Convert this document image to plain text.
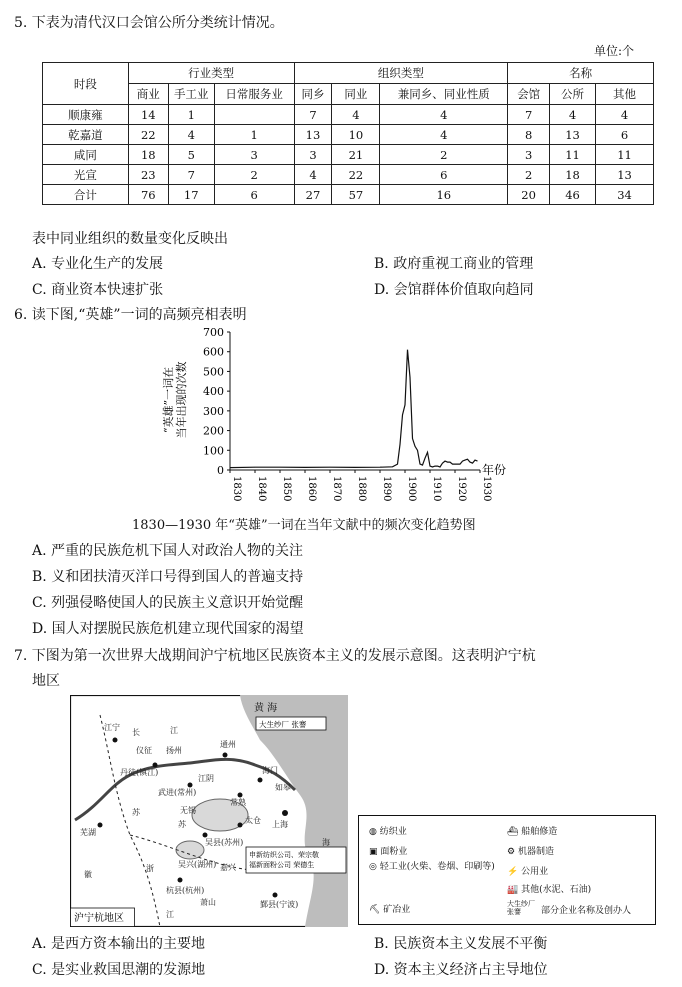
5. 下表为清代汉口会馆公所分类统计情况。
单位:个
时段	行业类型			组织类型			名称		
	商业	手工业	日常服务业	同乡	同业	兼同乡、同业性质	会馆	公所	其他
顺康雍	14	1		7	4	4	7	4	4
乾嘉道	22	4	1	13	10	4	8	13	6
咸同	18	5	3	3	21	2	3	11	11
光宣	23	7	2	4	22	6	2	18	13
合计	76	17	6	27	57	16	20	46	34
表中同业组织的数量变化反映出
A. 专业化生产的发展	B. 政府重视工商业的管理
C. 商业资本快速扩张	D. 会馆群体价值取向趋同
6. 读下图,“英雄”一词的高频亮相表明
0
100
200
300
400
500
600
700
1830 1840 1850 1860 1870 1880 1890 1900 1910 1920 1930
“英雄”一词在当年出现的次数
年份
1830—1930 年“英雄”一词在当年文献中的频次变化趋势图
A. 严重的民族危机下国人对政治人物的关注
B. 义和团扶清灭洋口号得到国人的普遍支持
C. 列强侵略使国人的民族主义意识开始觉醒
D. 国人对摆脱民族危机建立现代国家的渴望
7. 下图为第一次世界大战期间沪宁杭地区民族资本主义的发展示意图。这表明沪宁杭
地区
江宁
长	江
扬州
仪征
丹徒(镇江)
通州
海门
如皋
武进(常州)
江阴
无锡
常熟
太仓
吴县(苏州)
上海
吴兴(湖州)
芜湖
嘉兴
杭县(杭州)
萧山	鄞县(宁波)
苏
徽
浙
江
苏
海
黄 海
大生纱厂 张謇
申新纺织公司、荣宗敬福新面粉公司 荣德生
沪宁杭地区
◍ 纺织业	⛴ 船舶修造
▣ 面粉业	⚙ 机器制造
◎ 轻工业(火柴、卷烟、印刷等) ⚡ 公用业
⛏ 矿冶业
🏭 其他(水泥、石油)
大生纱厂 张謇	部分企业名称及创办人
A. 是西方资本输出的主要地	B. 民族资本主义发展不平衡
C. 是实业救国思潮的发源地	D. 资本主义经济占主导地位
